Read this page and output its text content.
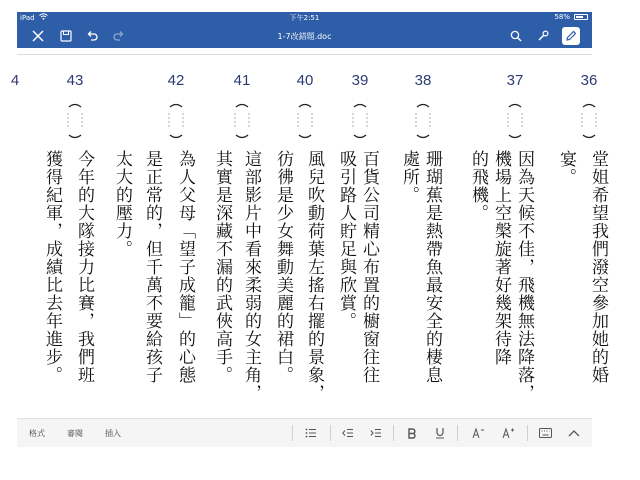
iPad	下午2:51	58%
1-7改錯題.doc
36
堂姐希望我們潑空參加她的婚
宴。
37
因為天候不佳，飛機無法降落，
機場上空槃旋著好幾架待降
的飛機。
38
珊瑚蕉是熱帶魚最安全的棲息
處所。
39
百貨公司精心布置的櫥窗往往
吸引路人貯足與欣賞。
40
風兒吹動荷葉左搖右擺的景象，
彷彿是少女舞動美麗的裙白。
41
這部影片中看來柔弱的女主角，
其實是深藏不漏的武俠高手。
42
為人父母「望子成籠」的心態
是正常的，但千萬不要給孩子
太大的壓力。
43
今年的大隊接力比賽，我們班
獲得紀軍，成績比去年進步。
4
格式	審閱	插入
